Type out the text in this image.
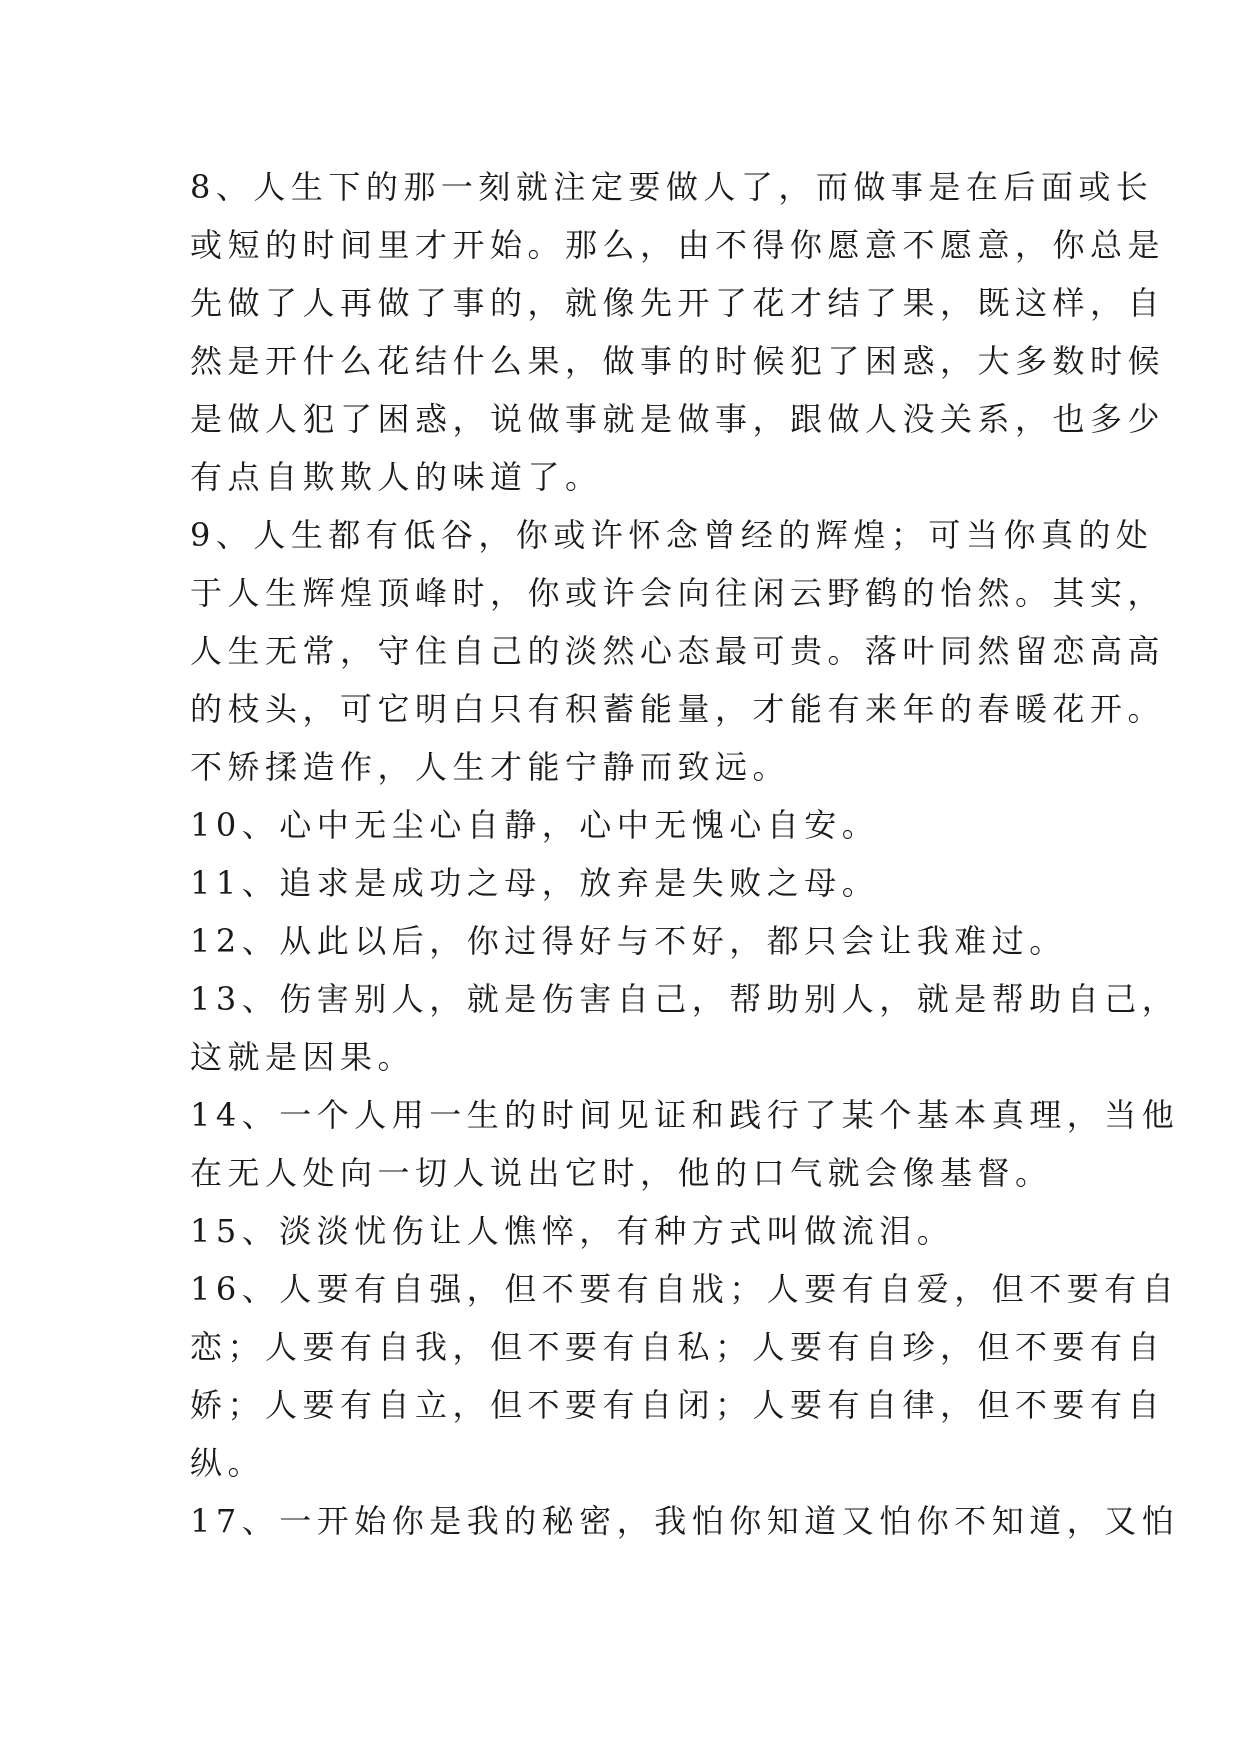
8、人生下的那一刻就注定要做人了，而做事是在后面或长

或短的时间里才开始。那么，由不得你愿意不愿意，你总是

先做了人再做了事的，就像先开了花才结了果，既这样，自

然是开什么花结什么果，做事的时候犯了困惑，大多数时候

是做人犯了困惑，说做事就是做事，跟做人没关系，也多少

有点自欺欺人的味道了。

9、人生都有低谷，你或许怀念曾经的辉煌；可当你真的处

于人生辉煌顶峰时，你或许会向往闲云野鹤的怡然。其实，

人生无常，守住自己的淡然心态最可贵。落叶同然留恋高高

的枝头，可它明白只有积蓄能量，才能有来年的春暖花开。

不矫揉造作，人生才能宁静而致远。

10、心中无尘心自静，心中无愧心自安。

11、追求是成功之母，放弃是失败之母。

12、从此以后，你过得好与不好，都只会让我难过。

13、伤害别人，就是伤害自己，帮助别人，就是帮助自己，

这就是因果。

14、一个人用一生的时间见证和践行了某个基本真理，当他

在无人处向一切人说出它时，他的口气就会像基督。

15、淡淡忧伤让人憔悴，有种方式叫做流泪。

16、人要有自强，但不要有自戕；人要有自爱，但不要有自

恋；人要有自我，但不要有自私；人要有自珍，但不要有自

娇；人要有自立，但不要有自闭；人要有自律，但不要有自

纵。

17、一开始你是我的秘密，我怕你知道又怕你不知道，又怕
